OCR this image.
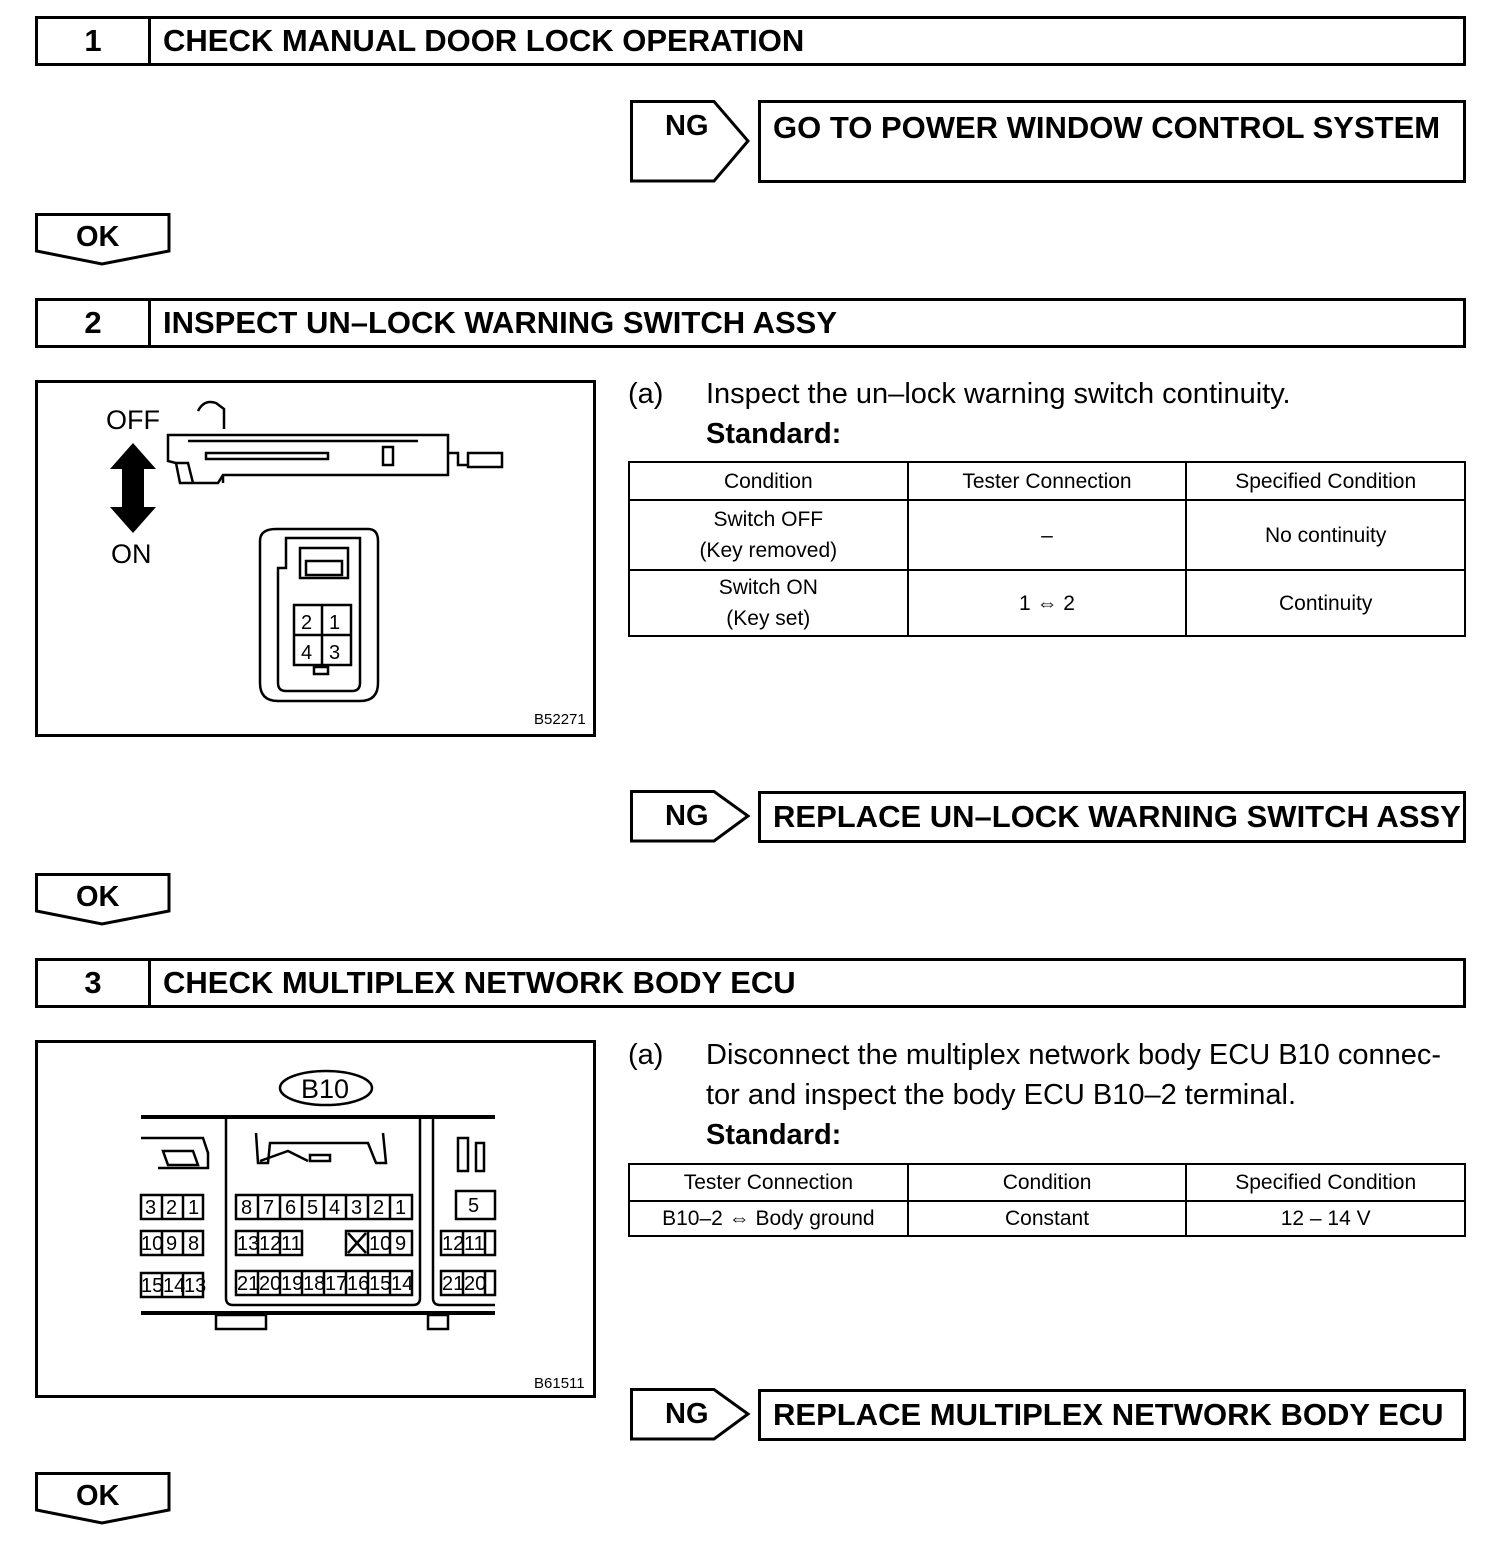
1	CHECK MANUAL DOOR LOCK OPERATION
NG	GO TO POWER WINDOW CONTROL SYSTEM
OK
2	INSPECT UN–LOCK WARNING SWITCH ASSY
2 1
4 3
OFF
ON
B52271
(a) Inspect the un–lock warning switch continuity.
Standard:
Condition	Tester Connection	Specified Condition

Switch OFF
(Key removed)	–	No continuity

Switch ON
(Key set)	1 ⇔ 2	Continuity
NG	REPLACE UN–LOCK WARNING SWITCH ASSY
OK
3	CHECK MULTIPLEX NETWORK BODY ECU
B10
3 2 1
10 9 8
15 14
13
8 7 6 5 4 3 2 1
13 12 11	10 9
21 20 19 18 17 16 15 14
5
12 11
21 20
B61511
(a) Disconnect the multiplex network body ECU B10 connec-
tor and inspect the body ECU B10–2 terminal.
Standard:
Tester Connection	Condition	Specified Condition
B10–2 ⇔ Body ground	Constant	12 – 14 V
NG	REPLACE MULTIPLEX NETWORK BODY ECU
OK
